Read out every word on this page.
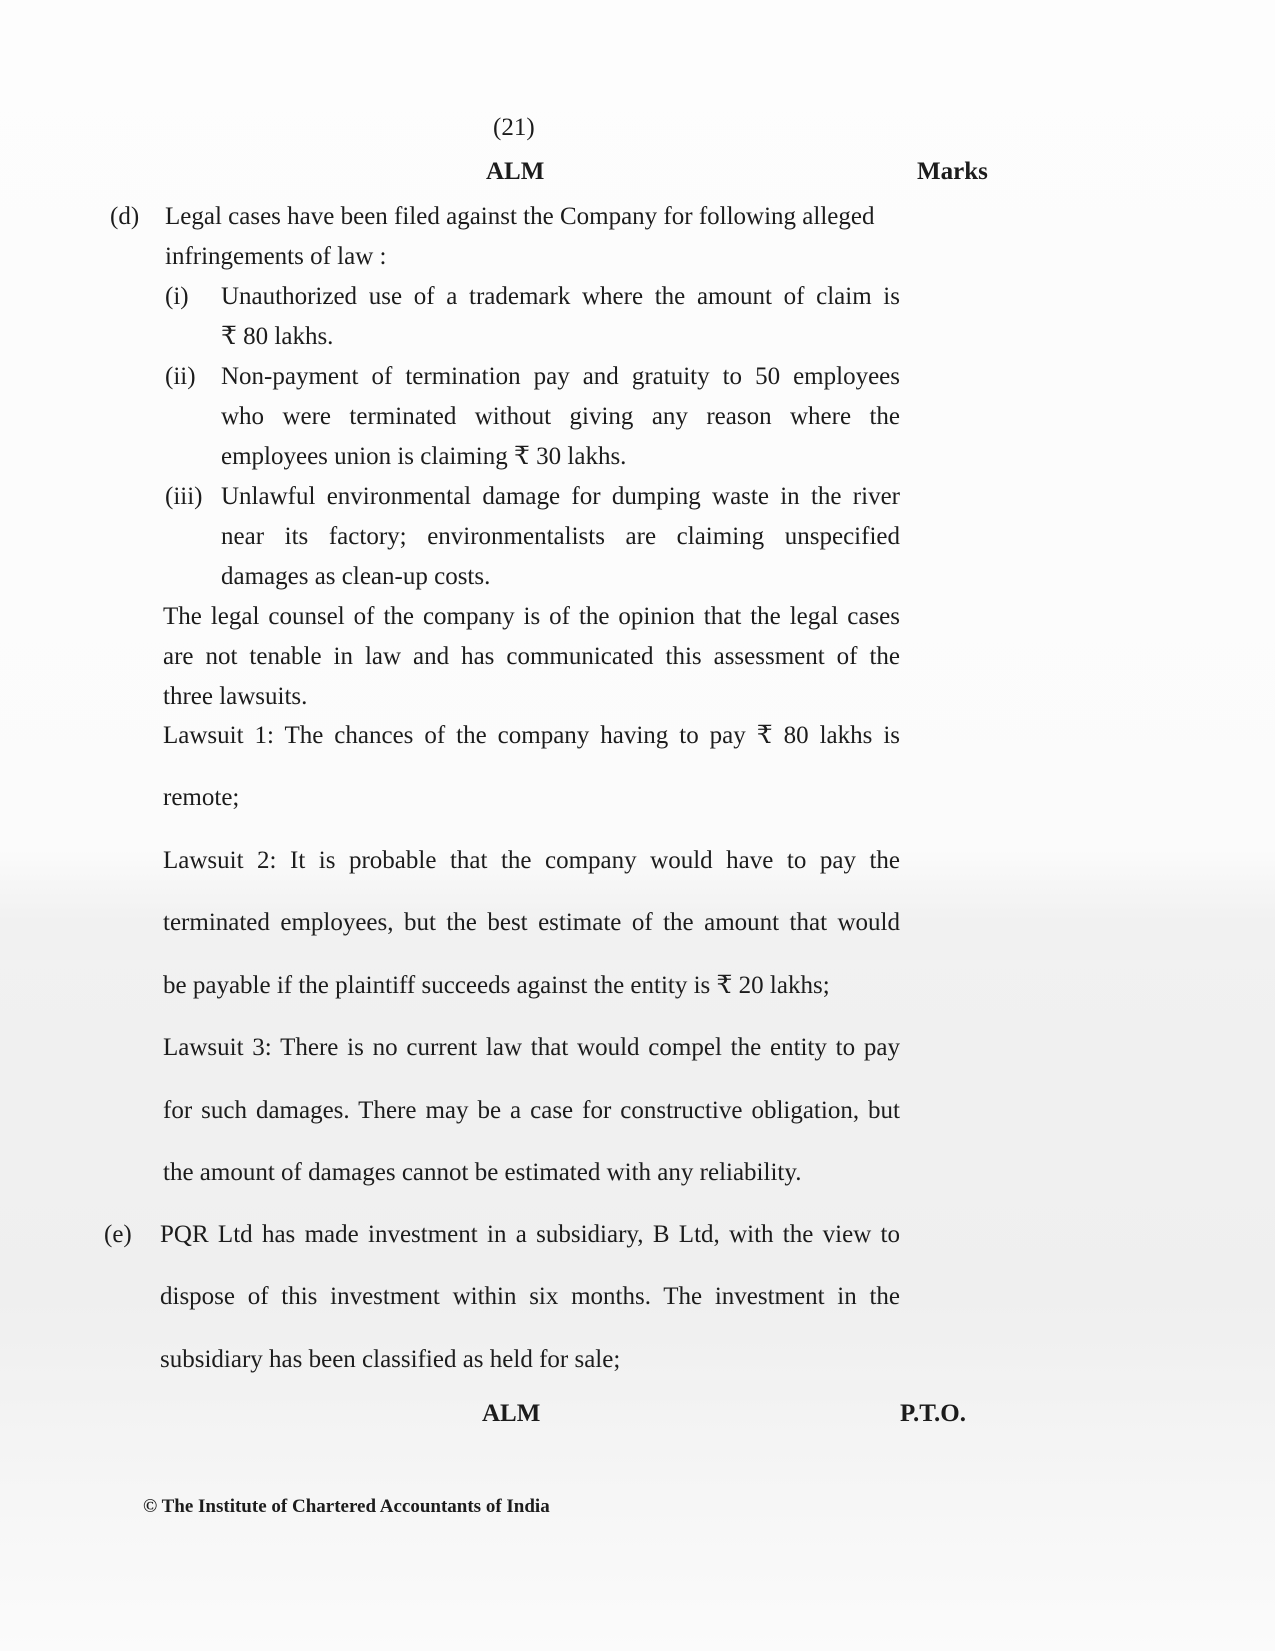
(21)
ALM	Marks
(d) Legal cases have been filed against the Company for following alleged
infringements of law :
(i) Unauthorized use of a trademark where the amount of claim is
₹ 80 lakhs.
(ii) Non-payment of termination pay and gratuity to 50 employees
who were terminated without giving any reason where the
employees union is claiming ₹ 30 lakhs.
(iii) Unlawful environmental damage for dumping waste in the river
near its factory; environmentalists are claiming unspecified
damages as clean-up costs.
The legal counsel of the company is of the opinion that the legal cases
are not tenable in law and has communicated this assessment of the
three lawsuits.
Lawsuit 1: The chances of the company having to pay ₹ 80 lakhs is
remote;
Lawsuit 2: It is probable that the company would have to pay the
terminated employees, but the best estimate of the amount that would
be payable if the plaintiff succeeds against the entity is ₹ 20 lakhs;
Lawsuit 3: There is no current law that would compel the entity to pay
for such damages. There may be a case for constructive obligation, but
the amount of damages cannot be estimated with any reliability.
(e) PQR Ltd has made investment in a subsidiary, B Ltd, with the view to
dispose of this investment within six months. The investment in the
subsidiary has been classified as held for sale;
ALM	P.T.O.
© The Institute of Chartered Accountants of India
